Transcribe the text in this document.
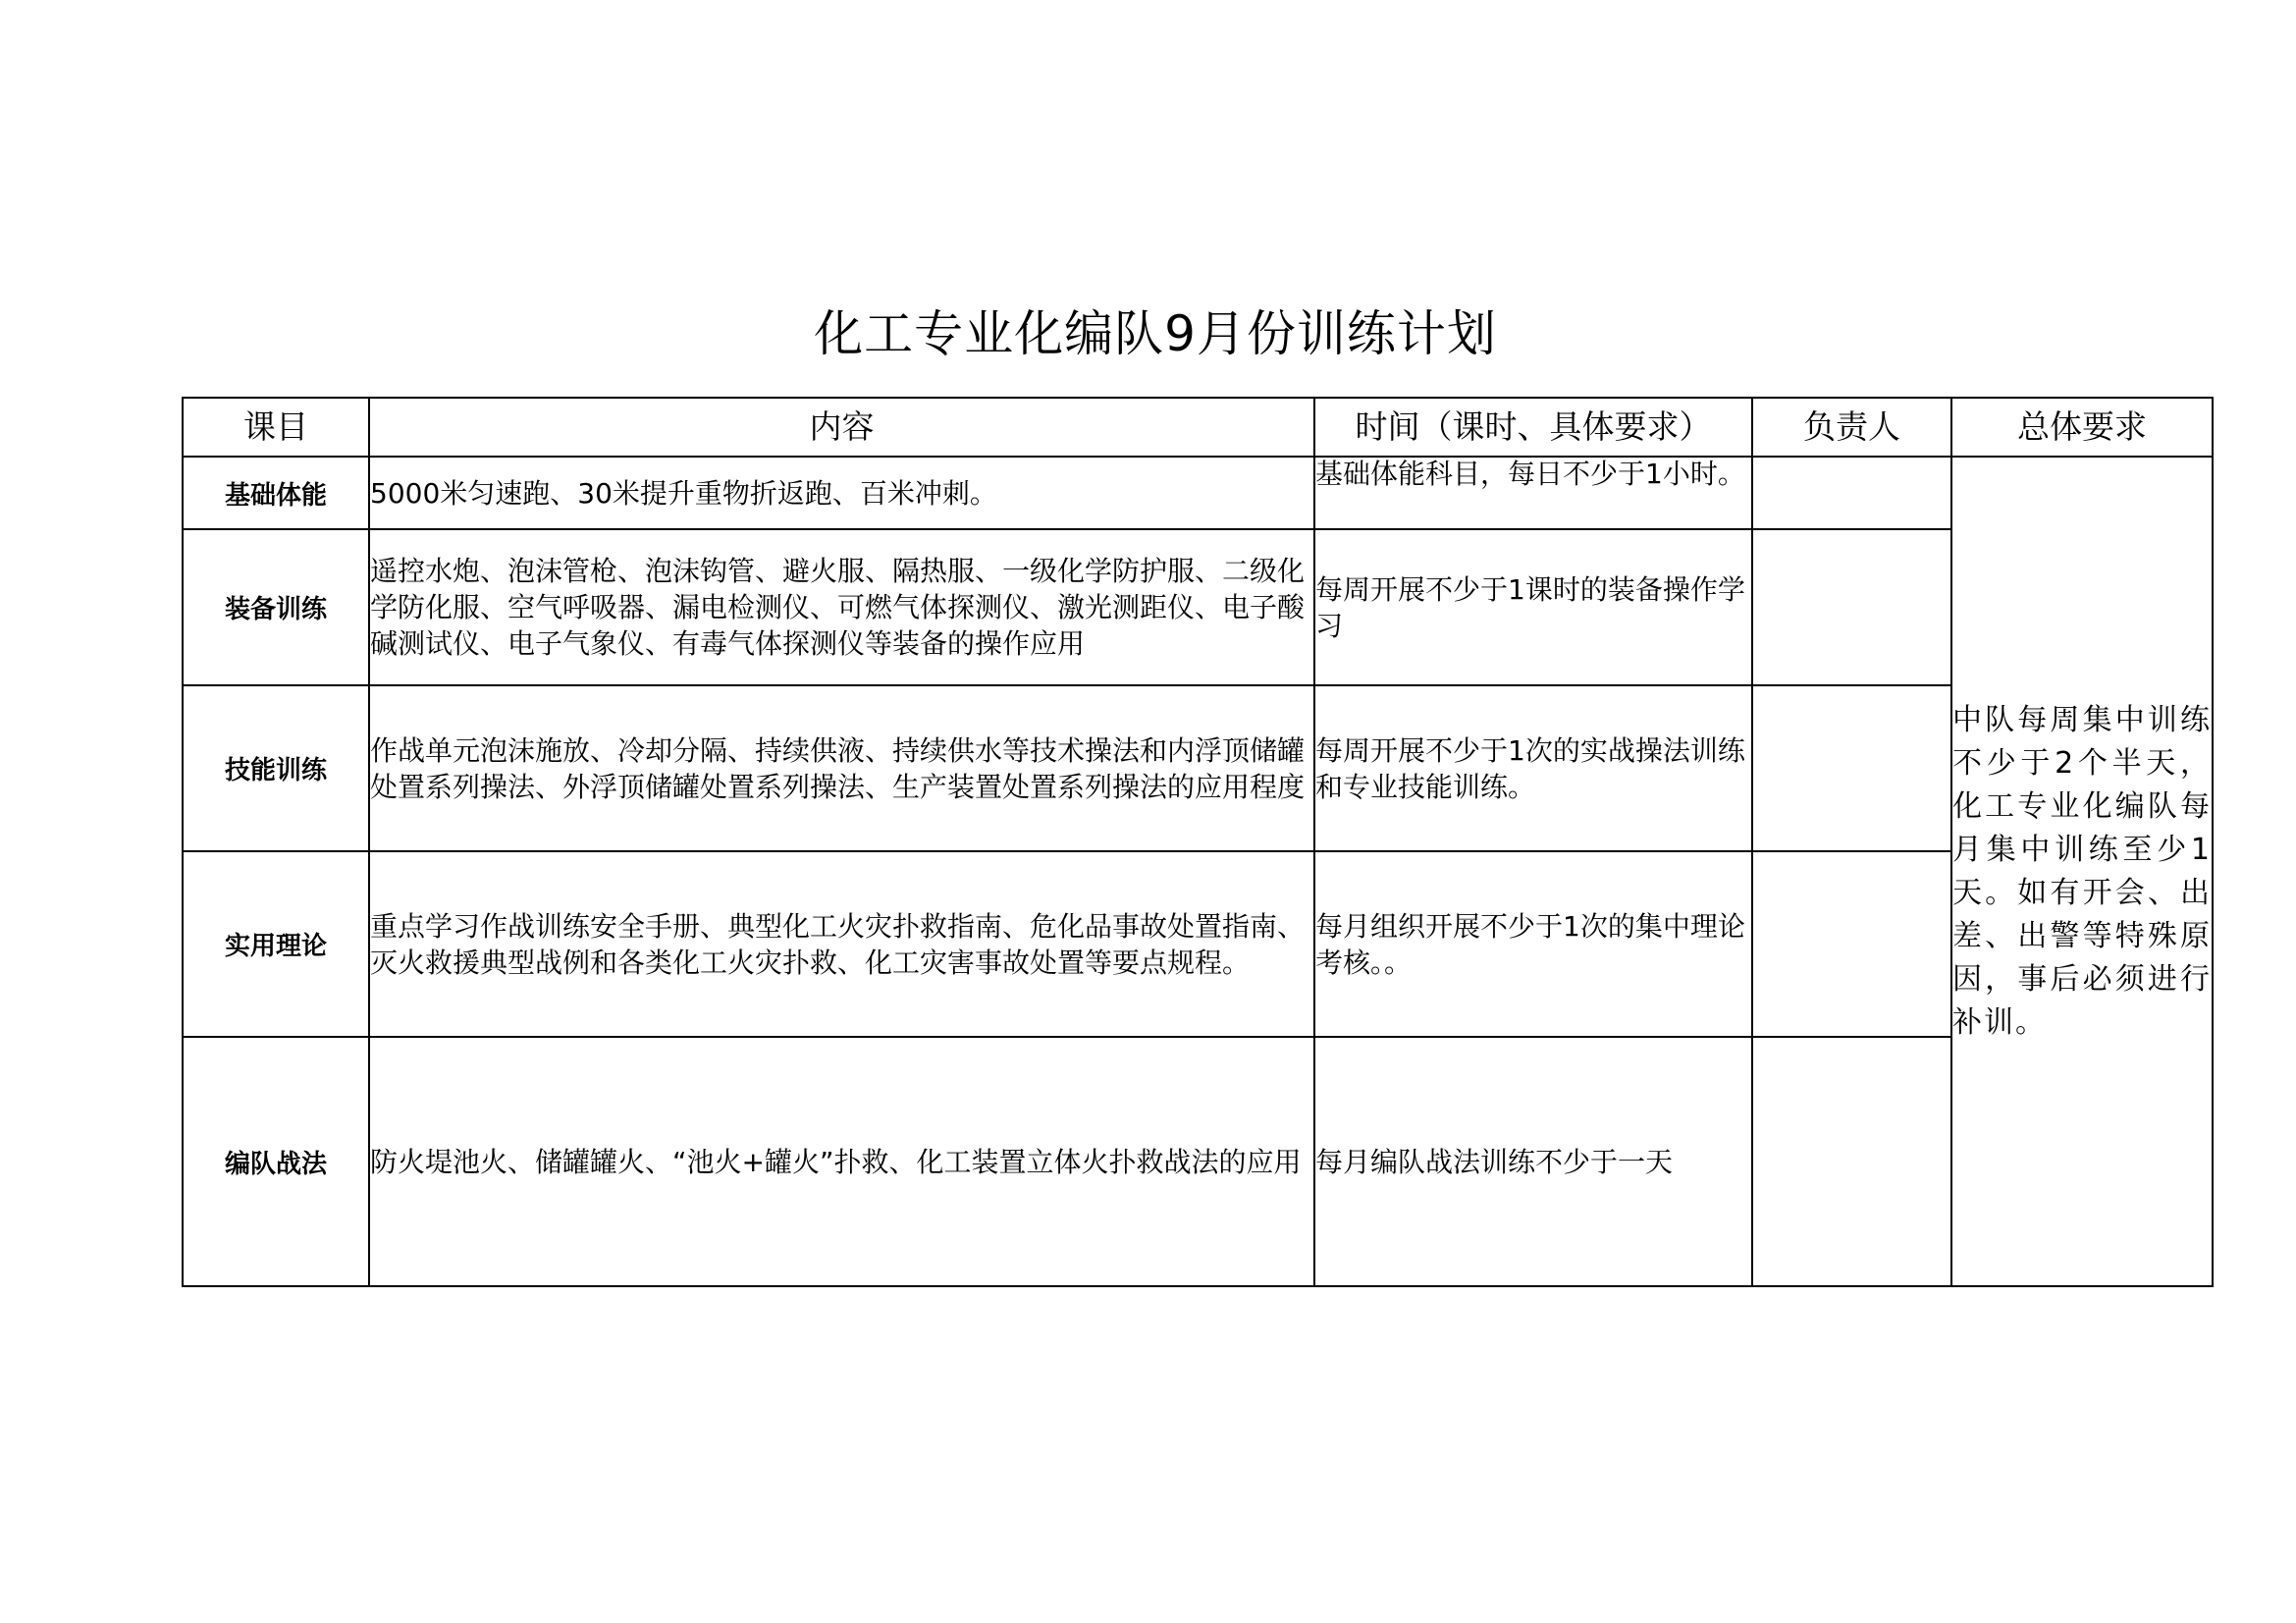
化工专业化编队9月份训练计划
课目	内容	时间（课时、具体要求）	负责人	总体要求
基础体能	5000米匀速跑、30米提升重物折返跑、百米冲刺。	基础体能科目，每日不少于1小时。		中队每周集中训练不少于2个半天，化工专业化编队每月集中训练至少1天。如有开会、出差、出警等特殊原因，事后必须进行补训。
装备训练	遥控水炮、泡沫管枪、泡沫钩管、避火服、隔热服、一级化学防护服、二级化学防化服、空气呼吸器、漏电检测仪、可燃气体探测仪、激光测距仪、电子酸碱测试仪、电子气象仪、有毒气体探测仪等装备的操作应用	每周开展不少于1课时的装备操作学习		
技能训练	作战单元泡沫施放、冷却分隔、持续供液、持续供水等技术操法和内浮顶储罐处置系列操法、外浮顶储罐处置系列操法、生产装置处置系列操法的应用程度	每周开展不少于1次的实战操法训练和专业技能训练。		
实用理论	重点学习作战训练安全手册、典型化工火灾扑救指南、危化品事故处置指南、灭火救援典型战例和各类化工火灾扑救、化工灾害事故处置等要点规程。	每月组织开展不少于1次的集中理论考核。。		
编队战法	防火堤池火、储罐罐火、“池火+罐火”扑救、化工装置立体火扑救战法的应用	每月编队战法训练不少于一天		
